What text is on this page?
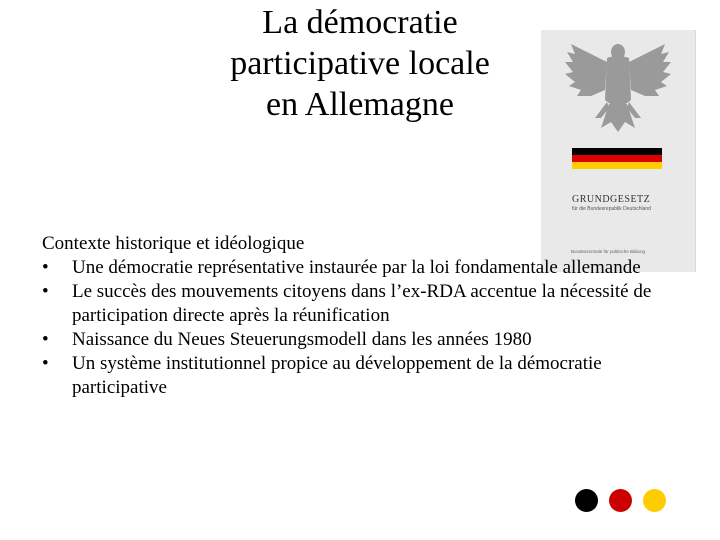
La démocratie
participative locale
en Allemagne
GRUNDGESETZ
für die Bundesrepublik Deutschland
Bundeszentrale für politische Bildung

Contexte historique et idéologique

• Une démocratie représentative instaurée par la loi fondamentale allemande
• Le succès des mouvements citoyens dans l’ex-RDA accentue la nécessité de participation directe après la réunification
• Naissance du Neues Steuerungsmodell dans les années 1980
• Un système institutionnel propice au développement de la démocratie participative
